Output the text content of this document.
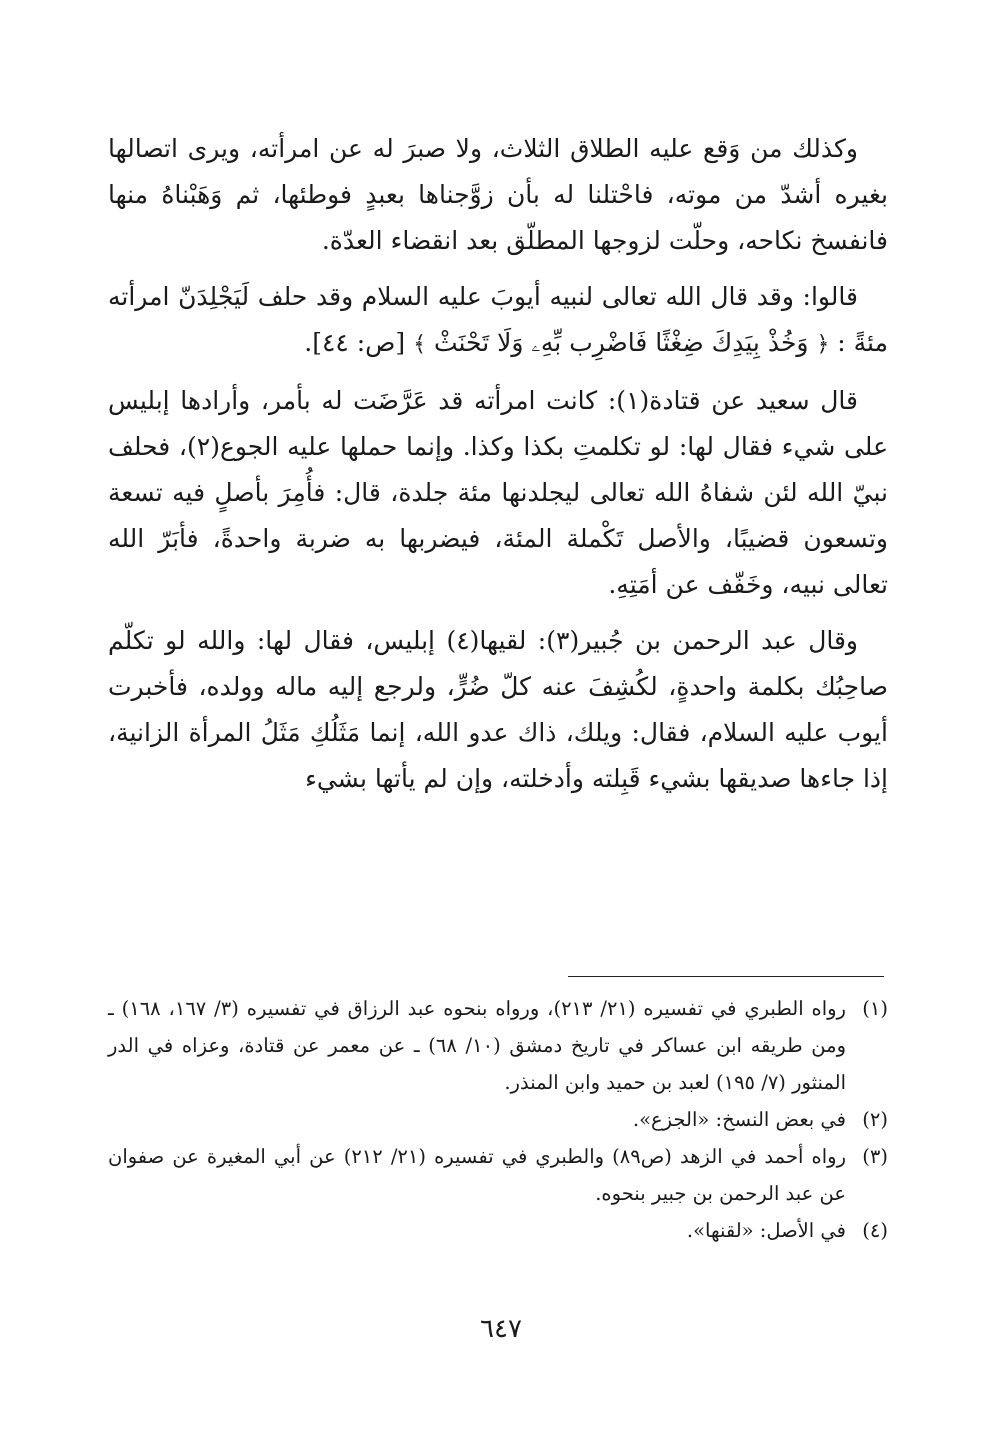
وكذلك من وَقع عليه الطلاق الثلاث، ولا صبرَ له عن امرأته، ويرى اتصالها بغيره أشدّ من موته، فاحْتلنا له بأن زوَّجناها بعبدٍ فوطئها، ثم وَهَبْناهُ منها فانفسخ نكاحه، وحلّت لزوجها المطلّق بعد انقضاء العدّة.

قالوا: وقد قال الله تعالى لنبيه أيوبَ عليه السلام وقد حلف لَيَجْلِدَنّ امرأته مئةً : ﴿ وَخُذْ بِيَدِكَ ضِغْثًا فَاضْرِب بِّهِۦ وَلَا تَحْنَثْ ﴾ [ص: ٤٤].

قال سعيد عن قتادة(١): كانت امرأته قد عَرَّضَت له بأمر، وأرادها إبليس على شيء فقال لها: لو تكلمتِ بكذا وكذا. وإنما حملها عليه الجوع(٢)، فحلف نبيّ الله لئن شفاهُ الله تعالى ليجلدنها مئة جلدة، قال: فأُمِرَ بأصلٍ فيه تسعة وتسعون قضيبًا، والأصل تَكْملة المئة، فيضربها به ضربة واحدةً، فأبَرّ الله تعالى نبيه، وخَفّف عن أمَتِهِ.

وقال عبد الرحمن بن جُبير(٣): لقيها(٤) إبليس، فقال لها: والله لو تكلّم صاحِبُك بكلمة واحدةٍ، لكُشِفَ عنه كلّ ضُرٍّ، ولرجع إليه ماله وولده، فأخبرت أيوب عليه السلام، فقال: ويلك، ذاك عدو الله، إنما مَثَلُكِ مَثَلُ المرأة الزانية، إذا جاءها صديقها بشيء قَبِلته وأدخلته، وإن لم يأتها بشيء

(١)
رواه الطبري في تفسيره (٢١/ ٢١٣)، ورواه بنحوه عبد الرزاق في تفسيره (٣/ ١٦٧، ١٦٨) ـ ومن طريقه ابن عساكر في تاريخ دمشق (١٠/ ٦٨) ـ عن معمر عن قتادة، وعزاه في الدر المنثور (٧/ ١٩٥) لعبد بن حميد وابن المنذر.
(٢)
في بعض النسخ: «الجزع».
(٣)
رواه أحمد في الزهد (ص٨٩) والطبري في تفسيره (٢١/ ٢١٢) عن أبي المغيرة عن صفوان عن عبد الرحمن بن جبير بنحوه.
(٤)
في الأصل: «لقنها».
٦٤٧
